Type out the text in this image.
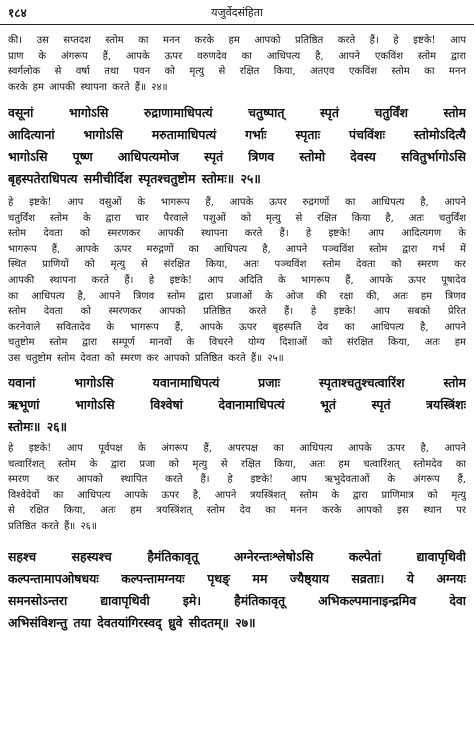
१८४	यजुर्वेदसंहिता
की। उस सप्तदश स्तोम का मनन करके हम आपको प्रतिष्ठित करते हैं। हे इष्टके! आप
प्राण के अंगरूप हैं, आपके ऊपर वरुणदेव का आधिपत्य है, आपने एकविंश स्तोम द्वारा
स्वर्गलोक से वर्षा तथा पवन को मृत्यु से रक्षित किया, अतएव एकविंश स्तोम का मनन
करके हम आपकी स्थापना करते हैं॥ २४॥
वसूनां भागोऽसि रुद्राणामाधिपत्यं चतुष्पात् स्पृतं चतुर्विंश स्तोम
आदित्यानां भागोऽसि मरुतामाधिपत्यं गर्भाः स्पृताः पंचविंशः स्तोमोऽदित्यै
भागोऽसि पूष्ण आधिपत्यमोज स्पृतं त्रिणव स्तोमो देवस्य सवितुर्भागोऽसि
बृहस्पतेराधिपत्य समीचीर्दिश स्पृतश्चतुष्टोम स्तोमः॥ २५॥
हे इष्टके! आप वसुओं के भागरूप हैं, आपके ऊपर रुद्रगणों का आधिपत्य है, आपने
चतुर्विंश स्तोम के द्वारा चार पैरवाले पशुओं को मृत्यु से रक्षित किया है, अतः चतुर्विंश
स्तोम देवता को स्मरणकर आपकी स्थापना करते हैं। हे इष्टके! आप आदित्यगण के
भागरूप हैं, आपके ऊपर मरुद्गणों का आधिपत्य है, आपने पञ्चविंश स्तोम द्वारा गर्भ में
स्थित प्राणियों को मृत्यु से संरक्षित किया, अतः पञ्चविंश स्तोम देवता को स्मरण कर
आपकी स्थापना करते हैं। हे इष्टके! आप अदिति के भागरूप हैं, आपके ऊपर पूषादेव
का आधिपत्य है, आपने त्रिणव स्तोम द्वारा प्रजाओं के ओज की रक्षा की, अतः हम त्रिणव
स्तोम देवता को स्मरणकर आपको प्रतिष्ठित करते हैं। हे इष्टके! आप सबको प्रेरित
करनेवाले सवितादेव के भागरूप हैं, आपके ऊपर बृहस्पति देव का आधिपत्य है, आपने
चतुष्टोम स्तोम द्वारा सम्पूर्ण मानवों के विचरने योग्य दिशाओं को संरक्षित किया, अतः हम
उस चतुष्टोम स्तोम देवता को स्मरण कर आपको प्रतिष्ठित करते हैं॥ २५॥
यवानां भागोऽसि यवानामाधिपत्यं प्रजाः स्पृताश्चतुश्चत्वारिंश स्तोम
ऋभूणां भागोऽसि विश्वेषां देवानामाधिपत्यं भूतं स्पृतं त्रयस्त्रिंशः
स्तोमः॥ २६॥
हे इष्टके! आप पूर्वपक्ष के अंगरूप हैं, अपरपक्ष का आधिपत्य आपके ऊपर है, आपने
चत्वारिंशत् स्तोम के द्वारा प्रजा को मृत्यु से रक्षित किया, अतः हम चत्वारिंशत् स्तोमदेव का
स्मरण कर आपको स्थापित करते हैं। हे इष्टके! आप ऋभुदेवताओं के अंगरूप हैं,
विश्वेदेवों का आधिपत्य आपके ऊपर है, आपने त्रयस्त्रिंशत् स्तोम के द्वारा प्राणिमात्र को मृत्यु
से रक्षित किया, अतः हम त्रयस्त्रिंशत् स्तोम देव का मनन करके आपको इस स्थान पर
प्रतिष्ठित करते हैं॥ २६॥
सहश्च सहस्यश्च हैमंतिकावृतू अग्नेरन्तःश्लेषोऽसि कल्पेतां द्यावापृथिवी
कल्पन्तामापओषधयः कल्पन्तामग्नयः पृथङ् मम ज्यैष्ठ्याय सव्रताः। ये अग्नयः
समनसोऽन्तरा द्यावापृथिवी इमे। हैमंतिकावृतू अभिकल्पमानाइन्द्रमिव देवा
अभिसंविशन्तु तया देवतयांगिरस्वद् ध्रुवे सीदतम्॥ २७॥
